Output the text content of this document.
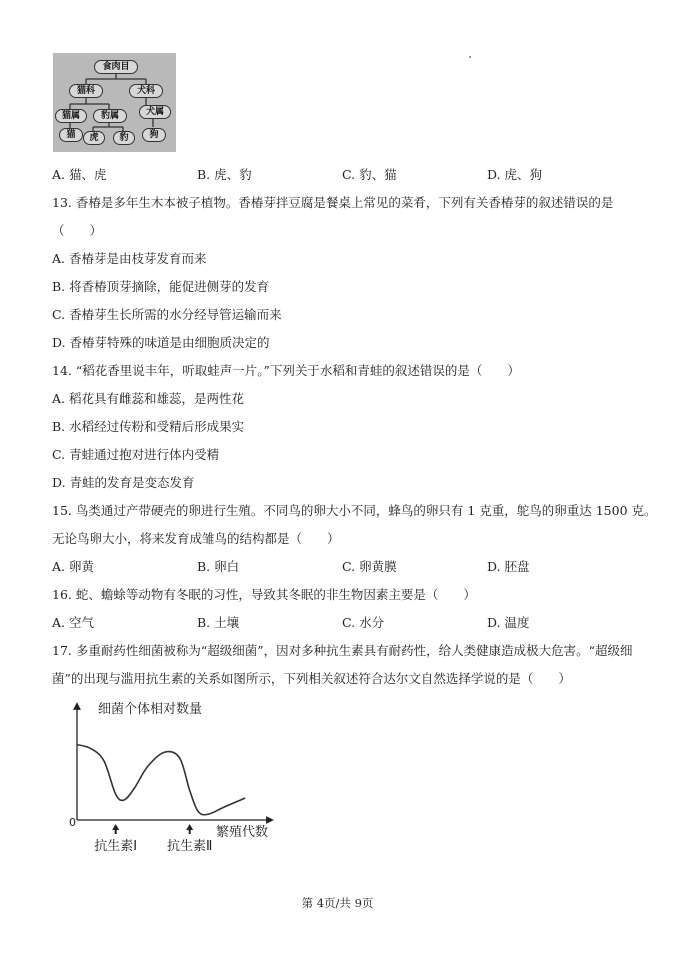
食肉目
猫科	犬科
猫属	豹属	犬属
猫	虎	豹	狗
A. 猫、虎	B. 虎、豹	C. 豹、猫	D. 虎、狗
13. 香椿是多年生木本被子植物。香椿芽拌豆腐是餐桌上常见的菜肴，下列有关香椿芽的叙述错误的是
（　　）
A. 香椿芽是由枝芽发育而来
B. 将香椿顶芽摘除，能促进侧芽的发育
C. 香椿芽生长所需的水分经导管运输而来
D. 香椿芽特殊的味道是由细胞质决定的
14. “稻花香里说丰年，听取蛙声一片。”下列关于水稻和青蛙的叙述错误的是（　　）
A. 稻花具有雌蕊和雄蕊，是两性花
B. 水稻经过传粉和受精后形成果实
C. 青蛙通过抱对进行体内受精
D. 青蛙的发育是变态发育
15. 鸟类通过产带硬壳的卵进行生殖。不同鸟的卵大小不同，蜂鸟的卵只有 1 克重，鸵鸟的卵重达 1500 克。
无论鸟卵大小，将来发育成雏鸟的结构都是（　　）
A. 卵黄	B. 卵白	C. 卵黄膜	D. 胚盘
16. 蛇、蟾蜍等动物有冬眠的习性，导致其冬眠的非生物因素主要是（　　）
A. 空气	B. 土壤	C. 水分	D. 温度
17. 多重耐药性细菌被称为“超级细菌”，因对多种抗生素具有耐药性，给人类健康造成极大危害。“超级细
菌”的出现与滥用抗生素的关系如图所示，下列相关叙述符合达尔文自然选择学说的是（　　）
细菌个体相对数量
繁殖代数
0
抗生素Ⅰ 抗生素Ⅱ
第 4页/共 9页
